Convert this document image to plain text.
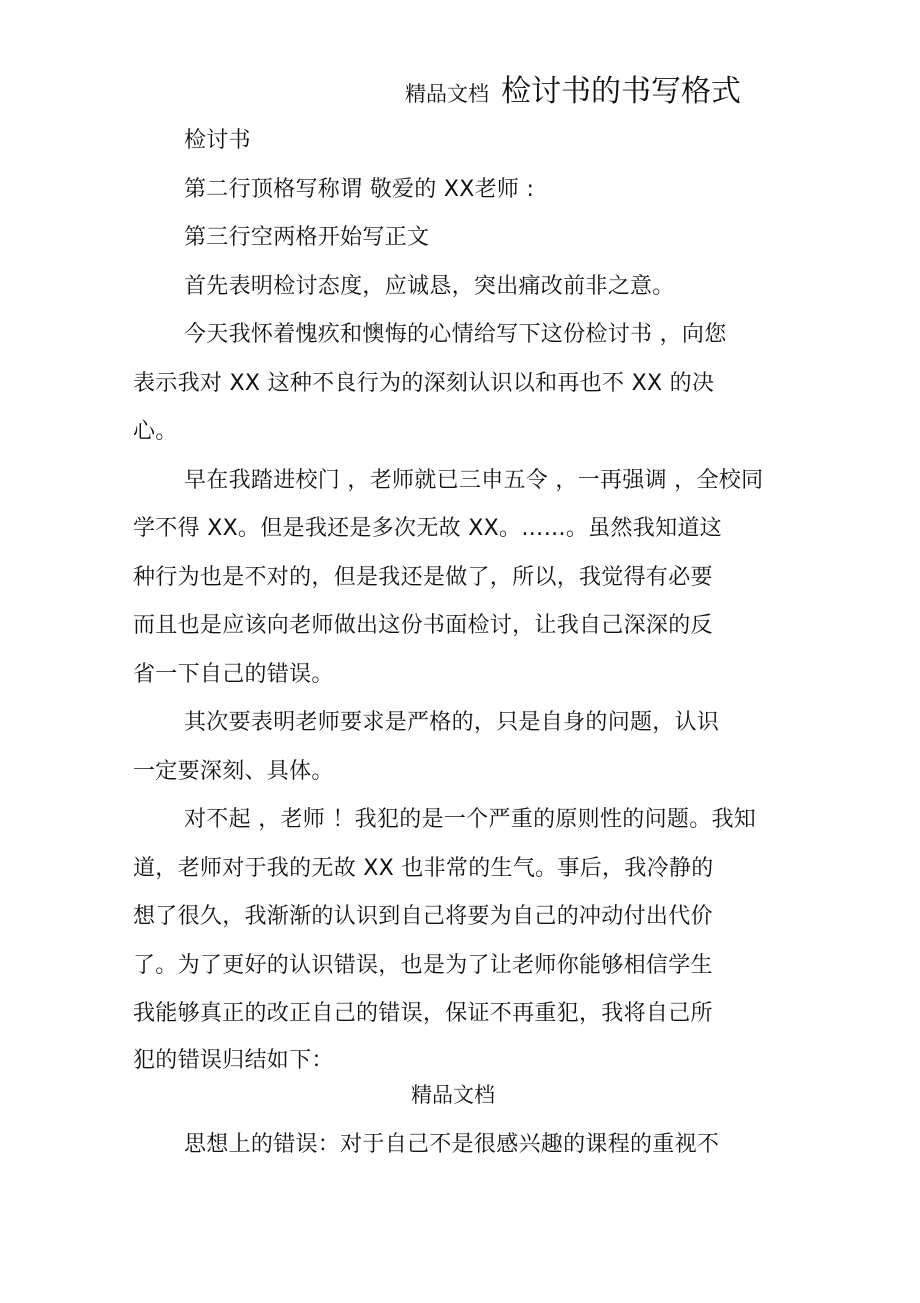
精品文档 检讨书的书写格式
检讨书
第二行顶格写称谓 敬爱的 XX老师 :
第三行空两格开始写正文
首先表明检讨态度，应诚恳，突出痛改前非之意。
今天我怀着愧疚和懊悔的心情给写下这份检讨书 ，向您
表示我对 XX 这种不良行为的深刻认识以和再也不 XX 的决
心。
早在我踏进校门 ，老师就已三申五令 ，一再强调 ，全校同
学不得 XX。但是我还是多次无故 XX。……。虽然我知道这
种行为也是不对的，但是我还是做了，所以，我觉得有必要
而且也是应该向老师做出这份书面检讨，让我自己深深的反
省一下自己的错误。
其次要表明老师要求是严格的，只是自身的问题，认识
一定要深刻、具体。
对不起 ，老师 ！我犯的是一个严重的原则性的问题。我知
道，老师对于我的无故 XX 也非常的生气。事后，我冷静的
想了很久，我渐渐的认识到自己将要为自己的冲动付出代价
了。为了更好的认识错误，也是为了让老师你能够相信学生
我能够真正的改正自己的错误，保证不再重犯，我将自己所
犯的错误归结如下：
精品文档
思想上的错误：对于自己不是很感兴趣的课程的重视不
